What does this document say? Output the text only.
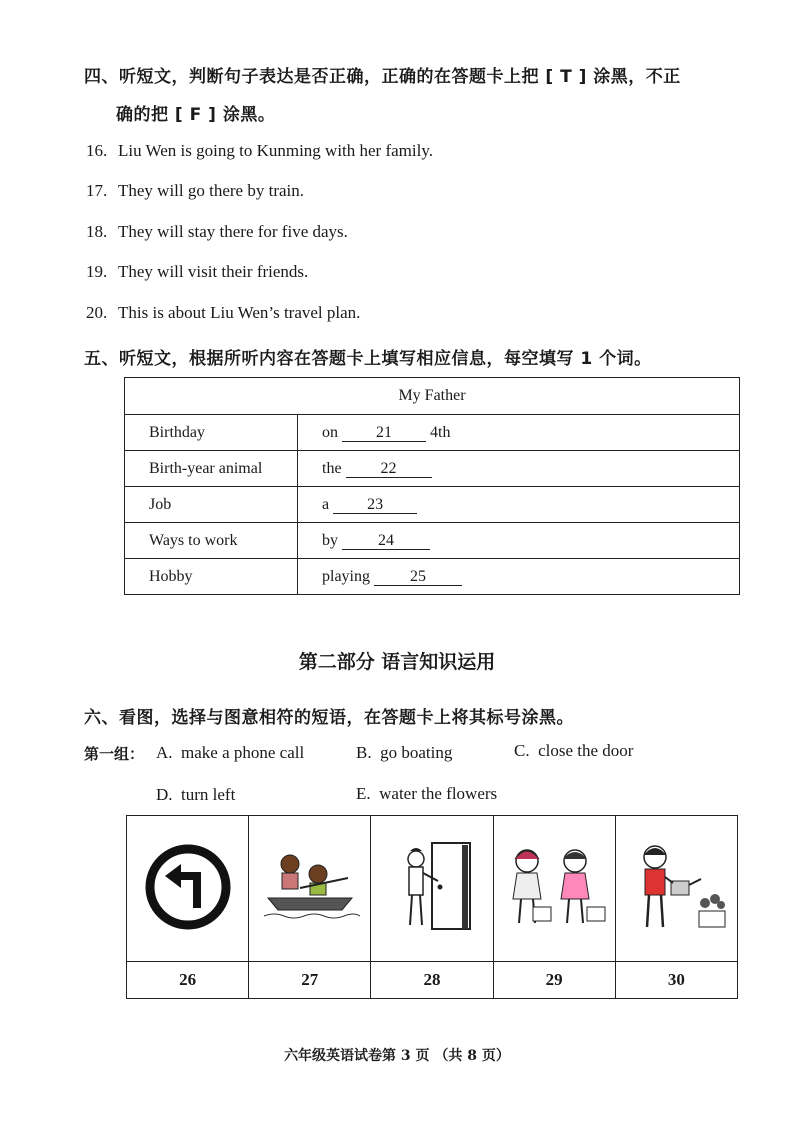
四、听短文，判断句子表达是否正确，正确的在答题卡上把 [ T ] 涂黑，不正
确的把 [ F ] 涂黑。
16. Liu Wen is going to Kunming with her family.
17. They will go there by train.
18. They will stay there for five days.
19. They will visit their friends.
20. This is about Liu Wen’s travel plan.
五、听短文，根据所听内容在答题卡上填写相应信息，每空填写 1 个词。
My Father	
Birthday	on 21 4th
Birth-year animal	the 22
Job	a 23
Ways to work	by 24
Hobby	playing 25
第二部分 语言知识运用
六、看图，选择与图意相符的短语，在答题卡上将其标号涂黑。
第一组： A. make a phone call	B. go boating	C. close the door
D. turn left	E. water the flowers

26	27	28	29	30
六年级英语试卷第 3 页 （共 8 页）
